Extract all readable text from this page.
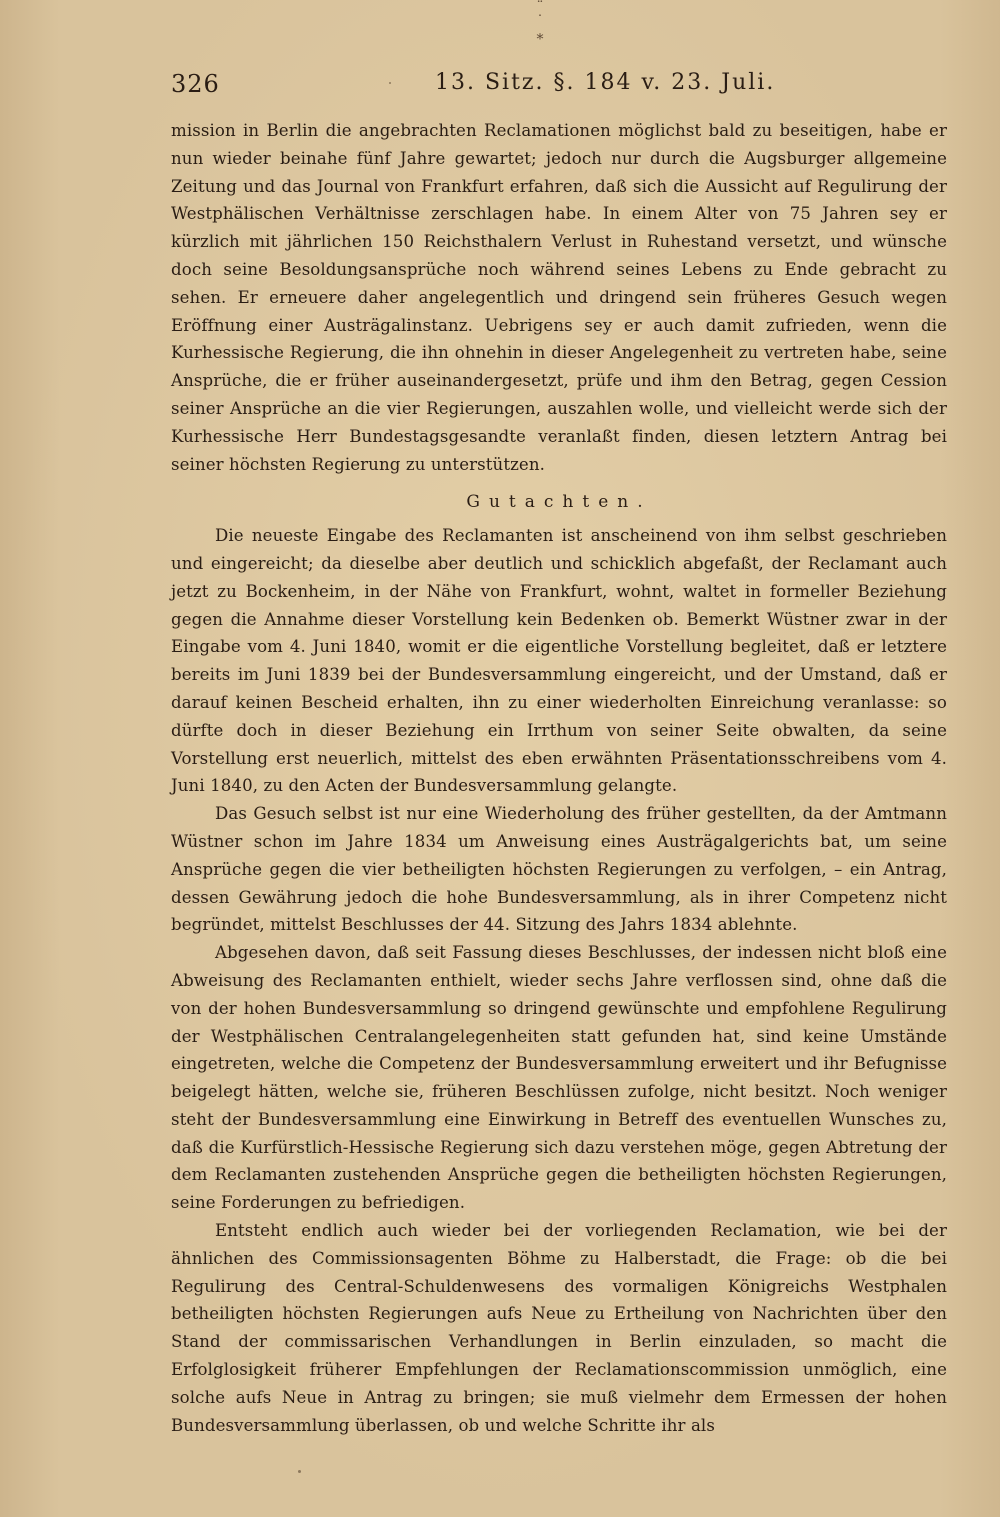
¨
˙
⁎
326	13. Sitz. §. 184 v. 23. Juli.

mission in Berlin die angebrachten Reclamationen möglichst bald zu beseitigen, habe er nun wieder beinahe fünf Jahre gewartet; jedoch nur durch die Augsburger allgemeine Zeitung und das Journal von Frankfurt erfahren, daß sich die Aussicht auf Regulirung der Westphälischen Verhältnisse zerschlagen habe. In einem Alter von 75 Jahren sey er kürzlich mit jährlichen 150 Reichsthalern Verlust in Ruhestand versetzt, und wünsche doch seine Besoldungsansprüche noch während seines Lebens zu Ende gebracht zu sehen. Er erneuere daher angelegentlich und dringend sein früheres Gesuch wegen Eröffnung einer Austrägalinstanz. Uebrigens sey er auch damit zufrieden, wenn die Kurhessische Regierung, die ihn ohnehin in dieser Angelegenheit zu vertreten habe, seine Ansprüche, die er früher auseinandergesetzt, prüfe und ihm den Betrag, gegen Cession seiner Ansprüche an die vier Regierungen, auszahlen wolle, und vielleicht werde sich der Kurhessische Herr Bundestagsgesandte veranlaßt finden, diesen letztern Antrag bei seiner höchsten Regierung zu unterstützen.

Gutachten.

Die neueste Eingabe des Reclamanten ist anscheinend von ihm selbst geschrieben und eingereicht; da dieselbe aber deutlich und schicklich abgefaßt, der Reclamant auch jetzt zu Bockenheim, in der Nähe von Frankfurt, wohnt, waltet in formeller Beziehung gegen die Annahme dieser Vorstellung kein Bedenken ob. Bemerkt Wüstner zwar in der Eingabe vom 4. Juni 1840, womit er die eigentliche Vorstellung begleitet, daß er letztere bereits im Juni 1839 bei der Bundesversammlung eingereicht, und der Umstand, daß er darauf keinen Bescheid erhalten, ihn zu einer wiederholten Einreichung veranlasse: so dürfte doch in dieser Beziehung ein Irrthum von seiner Seite obwalten, da seine Vorstellung erst neuerlich, mittelst des eben erwähnten Präsentationsschreibens vom 4. Juni 1840, zu den Acten der Bundesversammlung gelangte.

Das Gesuch selbst ist nur eine Wiederholung des früher gestellten, da der Amtmann Wüstner schon im Jahre 1834 um Anweisung eines Austrägalgerichts bat, um seine Ansprüche gegen die vier betheiligten höchsten Regierungen zu verfolgen, – ein Antrag, dessen Gewährung jedoch die hohe Bundesversammlung, als in ihrer Competenz nicht begründet, mittelst Beschlusses der 44. Sitzung des Jahrs 1834 ablehnte.

Abgesehen davon, daß seit Fassung dieses Beschlusses, der indessen nicht bloß eine Abweisung des Reclamanten enthielt, wieder sechs Jahre verflossen sind, ohne daß die von der hohen Bundesversammlung so dringend gewünschte und empfohlene Regulirung der Westphälischen Centralangelegenheiten statt gefunden hat, sind keine Umstände eingetreten, welche die Competenz der Bundesversammlung erweitert und ihr Befugnisse beigelegt hätten, welche sie, früheren Beschlüssen zufolge, nicht besitzt. Noch weniger steht der Bundesversammlung eine Einwirkung in Betreff des eventuellen Wunsches zu, daß die Kurfürstlich-Hessische Regierung sich dazu verstehen möge, gegen Abtretung der dem Reclamanten zustehenden Ansprüche gegen die betheiligten höchsten Regierungen, seine Forderungen zu befriedigen.

Entsteht endlich auch wieder bei der vorliegenden Reclamation, wie bei der ähnlichen des Commissionsagenten Böhme zu Halberstadt, die Frage: ob die bei Regulirung des Central-Schuldenwesens des vormaligen Königreichs Westphalen betheiligten höchsten Regierungen aufs Neue zu Ertheilung von Nachrichten über den Stand der commissarischen Verhandlungen in Berlin einzuladen, so macht die Erfolglosigkeit früherer Empfehlungen der Reclamationscommission unmöglich, eine solche aufs Neue in Antrag zu bringen; sie muß vielmehr dem Ermessen der hohen Bundesversammlung überlassen, ob und welche Schritte ihr als
